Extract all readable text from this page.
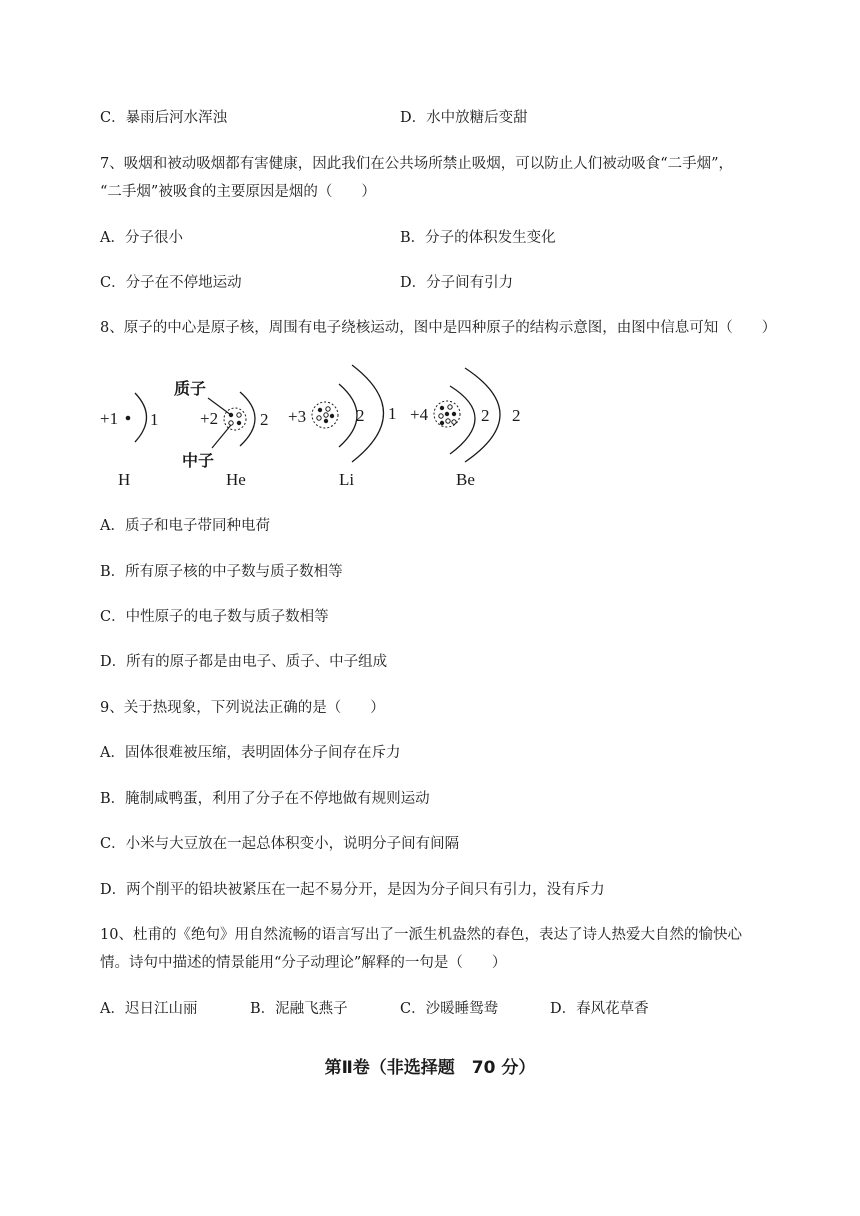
C．暴雨后河水浑浊	D．水中放糖后变甜
7、吸烟和被动吸烟都有害健康，因此我们在公共场所禁止吸烟，可以防止人们被动吸食“二手烟”，
“二手烟”被吸食的主要原因是烟的（　　）
A．分子很小	B．分子的体积发生变化
C．分子在不停地运动	D．分子间有引力
8、原子的中心是原子核，周围有电子绕核运动，图中是四种原子的结构示意图，由图中信息可知（　　）
+1 1
H
质子
+2 2
中子
He
+3	2 1
Li
+4	2 2
Be
A．质子和电子带同种电荷
B．所有原子核的中子数与质子数相等
C．中性原子的电子数与质子数相等
D．所有的原子都是由电子、质子、中子组成
9、关于热现象，下列说法正确的是（　　）
A．固体很难被压缩，表明固体分子间存在斥力
B．腌制咸鸭蛋，利用了分子在不停地做有规则运动
C．小米与大豆放在一起总体积变小，说明分子间有间隔
D．两个削平的铅块被紧压在一起不易分开，是因为分子间只有引力，没有斥力
10、杜甫的《绝句》用自然流畅的语言写出了一派生机盎然的春色，表达了诗人热爱大自然的愉快心
情。诗句中描述的情景能用“分子动理论”解释的一句是（　　）
A．迟日江山丽	B．泥融飞燕子	C．沙暖睡鸳鸯	D．春风花草香
第Ⅱ卷（非选择题　70 分）
